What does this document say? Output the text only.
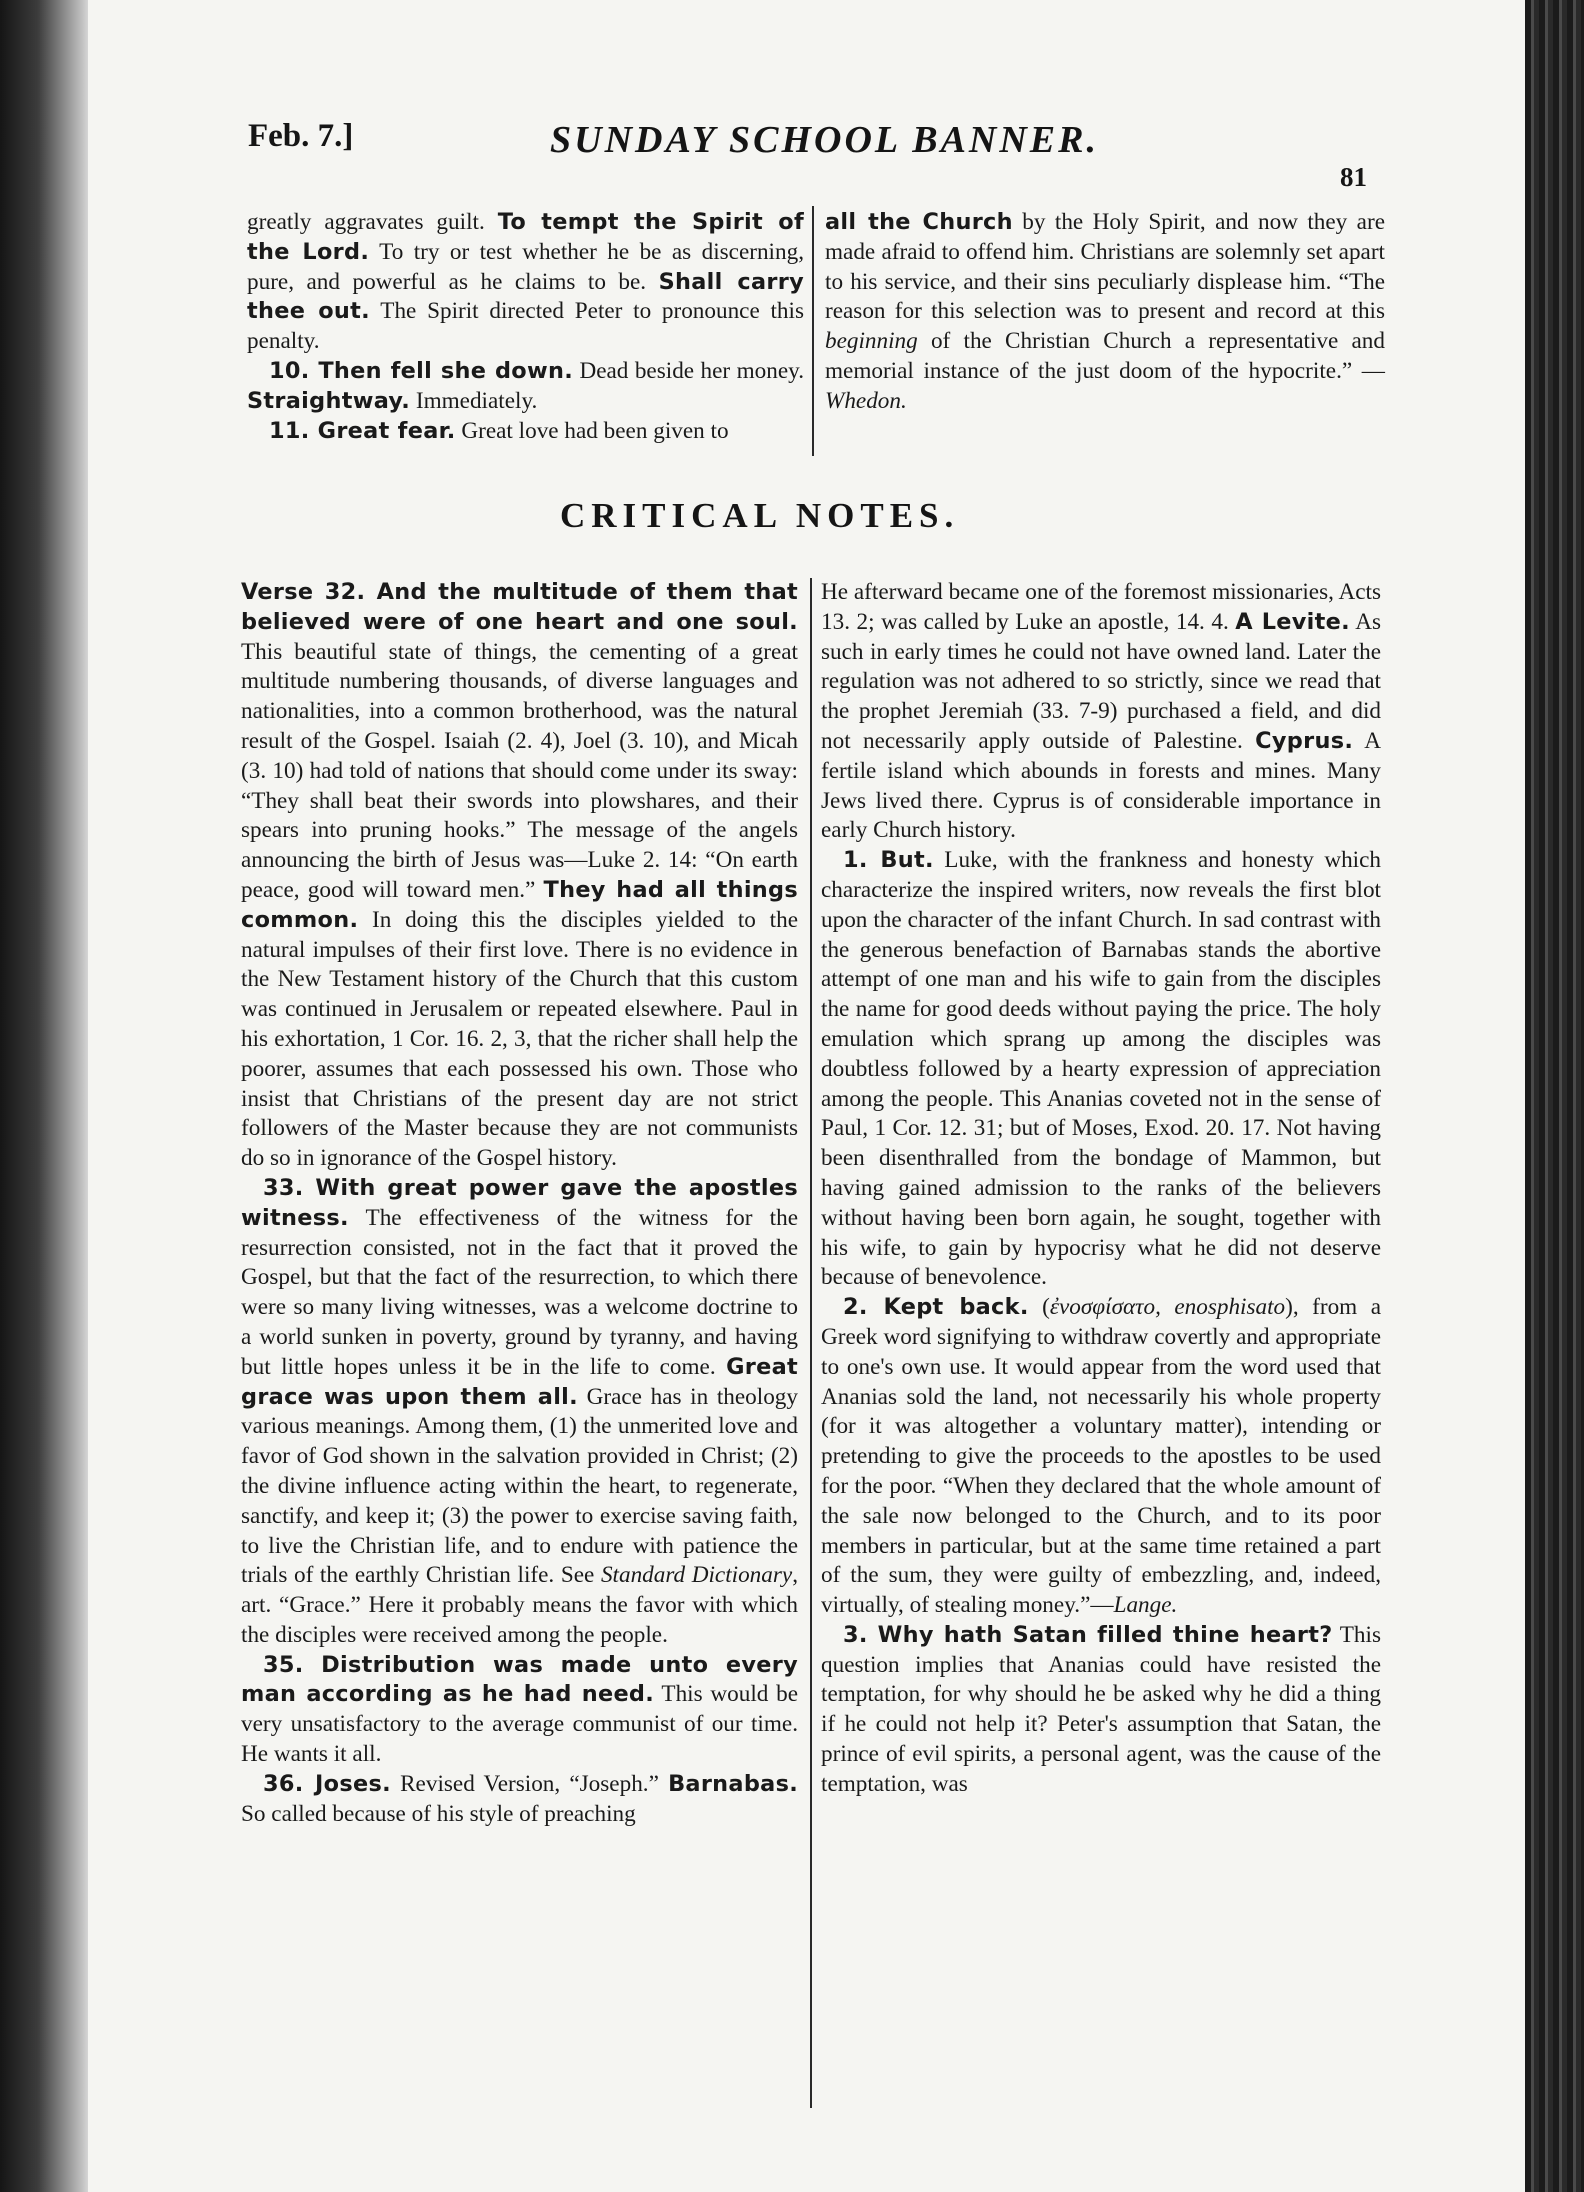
Feb. 7.]	SUNDAY SCHOOL BANNER.
81

greatly aggravates guilt. To tempt the Spirit of the Lord. To try or test whether he be as discerning, pure, and powerful as he claims to be. Shall carry thee out. The Spirit directed Peter to pronounce this penalty.

10. Then fell she down. Dead beside her money. Straightway. Immediately.

11. Great fear. Great love had been given to

all the Church by the Holy Spirit, and now they are made afraid to offend him. Christians are solemnly set apart to his service, and their sins peculiarly displease him. “The reason for this selection was to present and record at this beginning of the Christian Church a representative and memorial instance of the just doom of the hypocrite.” — Whedon.

CRITICAL NOTES.

Verse 32. And the multitude of them that believed were of one heart and one soul. This beautiful state of things, the cementing of a great multitude numbering thousands, of diverse languages and nationalities, into a common brotherhood, was the natural result of the Gospel. Isaiah (2. 4), Joel (3. 10), and Micah (3. 10) had told of nations that should come under its sway: “They shall beat their swords into plowshares, and their spears into pruning hooks.” The message of the angels announcing the birth of Jesus was—Luke 2. 14: “On earth peace, good will toward men.” They had all things common. In doing this the disciples yielded to the natural impulses of their first love. There is no evidence in the New Testament history of the Church that this custom was continued in Jerusalem or repeated elsewhere. Paul in his exhortation, 1 Cor. 16. 2, 3, that the richer shall help the poorer, assumes that each possessed his own. Those who insist that Christians of the present day are not strict followers of the Master because they are not communists do so in ignorance of the Gospel history.

33. With great power gave the apostles witness. The effectiveness of the witness for the resurrection consisted, not in the fact that it proved the Gospel, but that the fact of the resurrection, to which there were so many living witnesses, was a welcome doctrine to a world sunken in poverty, ground by tyranny, and having but little hopes unless it be in the life to come. Great grace was upon them all. Grace has in theology various meanings. Among them, (1) the unmerited love and favor of God shown in the salvation provided in Christ; (2) the divine influence acting within the heart, to regenerate, sanctify, and keep it; (3) the power to exercise saving faith, to live the Christian life, and to endure with patience the trials of the earthly Christian life. See Standard Dictionary, art. “Grace.” Here it probably means the favor with which the disciples were received among the people.

35. Distribution was made unto every man according as he had need. This would be very unsatisfactory to the average communist of our time. He wants it all.

36. Joses. Revised Version, “Joseph.” Barnabas. So called because of his style of preaching

He afterward became one of the foremost missionaries, Acts 13. 2; was called by Luke an apostle, 14. 4. A Levite. As such in early times he could not have owned land. Later the regulation was not adhered to so strictly, since we read that the prophet Jeremiah (33. 7-9) purchased a field, and did not necessarily apply outside of Palestine. Cyprus. A fertile island which abounds in forests and mines. Many Jews lived there. Cyprus is of considerable importance in early Church history.

1. But. Luke, with the frankness and honesty which characterize the inspired writers, now reveals the first blot upon the character of the infant Church. In sad contrast with the generous benefaction of Barnabas stands the abortive attempt of one man and his wife to gain from the disciples the name for good deeds without paying the price. The holy emulation which sprang up among the disciples was doubtless followed by a hearty expression of appreciation among the people. This Ananias coveted not in the sense of Paul, 1 Cor. 12. 31; but of Moses, Exod. 20. 17. Not having been disenthralled from the bondage of Mammon, but having gained admission to the ranks of the believers without having been born again, he sought, together with his wife, to gain by hypocrisy what he did not deserve because of benevolence.

2. Kept back. (ἐνοσφίσατο, enosphisato), from a Greek word signifying to withdraw covertly and appropriate to one's own use. It would appear from the word used that Ananias sold the land, not necessarily his whole property (for it was altogether a voluntary matter), intending or pretending to give the proceeds to the apostles to be used for the poor. “When they declared that the whole amount of the sale now belonged to the Church, and to its poor members in particular, but at the same time retained a part of the sum, they were guilty of embezzling, and, indeed, virtually, of stealing money.”—Lange.

3. Why hath Satan filled thine heart? This question implies that Ananias could have resisted the temptation, for why should he be asked why he did a thing if he could not help it? Peter's assumption that Satan, the prince of evil spirits, a personal agent, was the cause of the temptation, was
